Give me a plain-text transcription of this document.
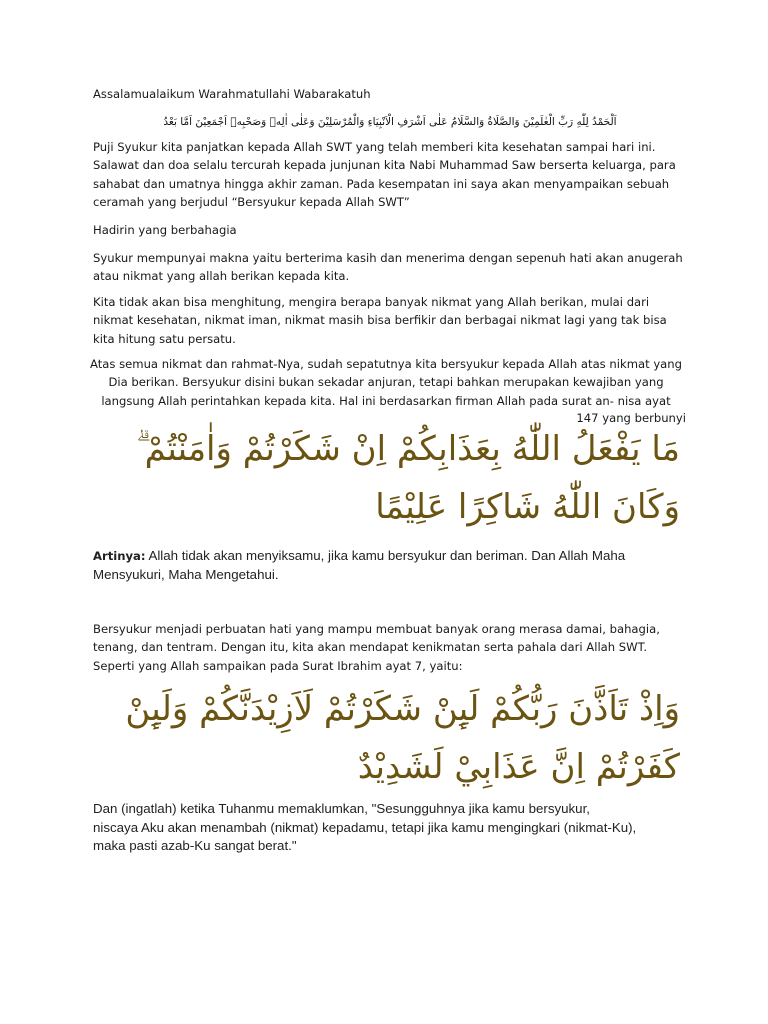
Assalamualaikum Warahmatullahi Wabarakatuh

اَلْحَمْدُ لِلّٰهِ رَبِّ الْعٰلَمِيْنَ وَالصَّلَاةُ وَالسَّلَامُ عَلٰى اَشْرَفِ الْاَنْبِيَاءِ وَالْمُرْسَلِيْنَ وَعَلٰى اٰلِهٖ وَصَحْبِهٖ اَجْمَعِيْنَ اَمَّا بَعْدُ
Puji Syukur kita panjatkan kepada Allah SWT yang telah memberi kita kesehatan sampai hari ini.
Salawat dan doa selalu tercurah kepada junjunan kita Nabi Muhammad Saw berserta keluarga, para
sahabat dan umatnya hingga akhir zaman. Pada kesempatan ini saya akan menyampaikan sebuah
ceramah yang berjudul “Bersyukur kepada Allah SWT”

Hadirin yang berbahagia

Syukur mempunyai makna yaitu berterima kasih dan menerima dengan sepenuh hati akan anugerah
atau nikmat yang allah berikan kepada kita.
Kita tidak akan bisa menghitung, mengira berapa banyak nikmat yang Allah berikan, mulai dari
nikmat kesehatan, nikmat iman, nikmat masih bisa berfikir dan berbagai nikmat lagi yang tak bisa
kita hitung satu persatu.
Atas semua nikmat dan rahmat-Nya, sudah sepatutnya kita bersyukur kepada Allah atas nikmat yang
Dia berikan. Bersyukur disini bukan sekadar anjuran, tetapi bahkan merupakan kewajiban yang
langsung Allah perintahkan kepada kita. Hal ini berdasarkan firman Allah pada surat an- nisa ayat

147 yang berbunyi

مَا يَفْعَلُ اللّٰهُ بِعَذَابِكُمْ اِنْ شَكَرْتُمْ وَاٰمَنْتُمْ ۗ
وَكَانَ اللّٰهُ شَاكِرًا عَلِيْمًا
Artinya: Allah tidak akan menyiksamu, jika kamu bersyukur dan beriman. Dan Allah Maha
Mensyukuri, Maha Mengetahui.
Bersyukur menjadi perbuatan hati yang mampu membuat banyak orang merasa damai, bahagia,
tenang, dan tentram. Dengan itu, kita akan mendapat kenikmatan serta pahala dari Allah SWT.
Seperti yang Allah sampaikan pada Surat Ibrahim ayat 7, yaitu:
وَاِذْ تَاَذَّنَ رَبُّكُمْ لَىِٕنْ شَكَرْتُمْ لَاَزِيْدَنَّكُمْ وَلَىِٕنْ
كَفَرْتُمْ اِنَّ عَذَابِيْ لَشَدِيْدٌ
Dan (ingatlah) ketika Tuhanmu memaklumkan, "Sesungguhnya jika kamu bersyukur,
niscaya Aku akan menambah (nikmat) kepadamu, tetapi jika kamu mengingkari (nikmat-Ku),
maka pasti azab-Ku sangat berat."
